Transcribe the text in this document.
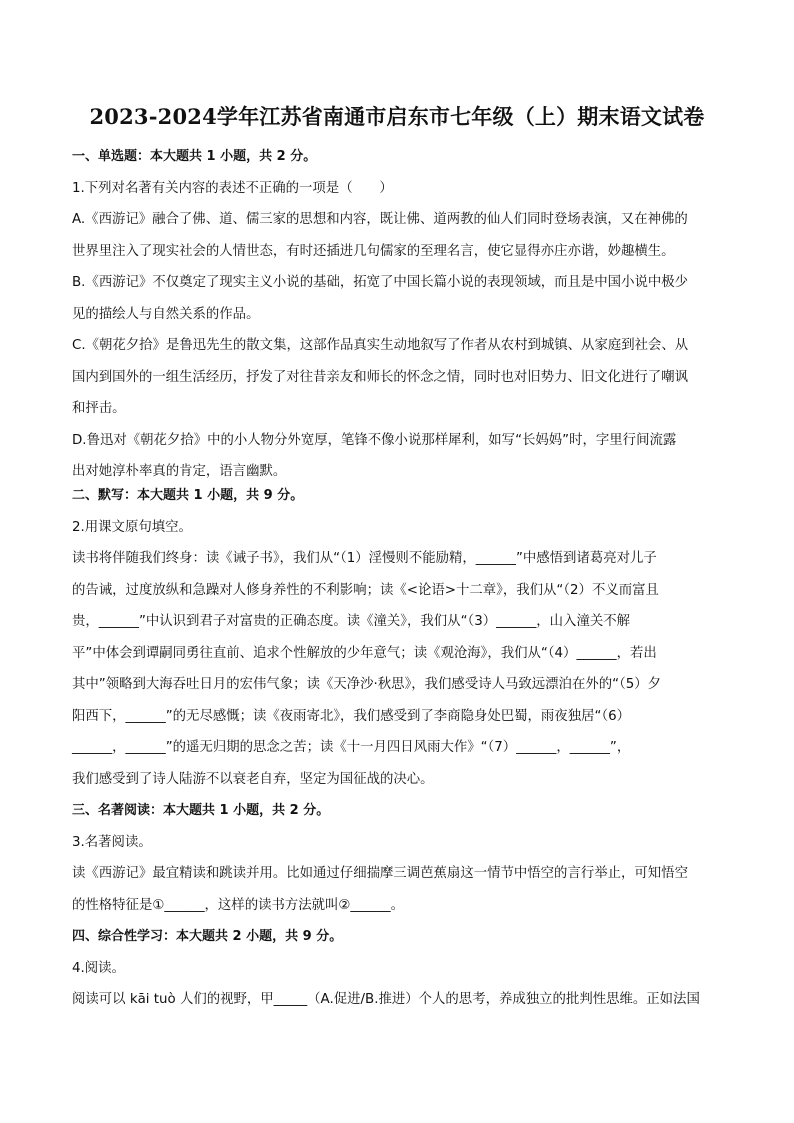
2023-2024学年江苏省南通市启东市七年级（上）期末语文试卷
一、单选题：本大题共 1 小题，共 2 分。
1.下列对名著有关内容的表述不正确的一项是（　　）
A.《西游记》融合了佛、道、儒三家的思想和内容，既让佛、道两教的仙人们同时登场表演，又在神佛的
世界里注入了现实社会的人情世态，有时还插进几句儒家的至理名言，使它显得亦庄亦谐，妙趣横生。
B.《西游记》不仅奠定了现实主义小说的基础，拓宽了中国长篇小说的表现领域，而且是中国小说中极少
见的描绘人与自然关系的作品。
C.《朝花夕拾》是鲁迅先生的散文集，这部作品真实生动地叙写了作者从农村到城镇、从家庭到社会、从
国内到国外的一组生活经历，抒发了对往昔亲友和师长的怀念之情，同时也对旧势力、旧文化进行了嘲讽
和抨击。
D.鲁迅对《朝花夕拾》中的小人物分外宽厚，笔锋不像小说那样犀利，如写“长妈妈”时，字里行间流露
出对她淳朴率真的肯定，语言幽默。
二、默写：本大题共 1 小题，共 9 分。
2.用课文原句填空。
读书将伴随我们终身：读《诫子书》，我们从“（1）淫慢则不能励精，______”中感悟到诸葛亮对儿子
的告诫，过度放纵和急躁对人修身养性的不利影响；读《<论语>十二章》，我们从“（2）不义而富且
贵，______”中认识到君子对富贵的正确态度。读《潼关》，我们从“（3）______，山入潼关不解
平”中体会到谭嗣同勇往直前、追求个性解放的少年意气；读《观沧海》，我们从“（4）______，若出
其中”领略到大海吞吐日月的宏伟气象；读《天净沙·秋思》，我们感受诗人马致远漂泊在外的“（5）夕
阳西下，______”的无尽感慨；读《夜雨寄北》，我们感受到了李商隐身处巴蜀，雨夜独居“（6）
______，______”的遥无归期的思念之苦；读《十一月四日风雨大作》“（7）______，______”，
我们感受到了诗人陆游不以衰老自弃，坚定为国征战的决心。
三、名著阅读：本大题共 1 小题，共 2 分。
3.名著阅读。
读《西游记》最宜精读和跳读并用。比如通过仔细揣摩三调芭蕉扇这一情节中悟空的言行举止，可知悟空
的性格特征是①______，这样的读书方法就叫②______。
四、综合性学习：本大题共 2 小题，共 9 分。
4.阅读。
阅读可以 kāi tuò 人们的视野，甲_____（A.促进/B.推进）个人的思考，养成独立的批判性思维。正如法国
